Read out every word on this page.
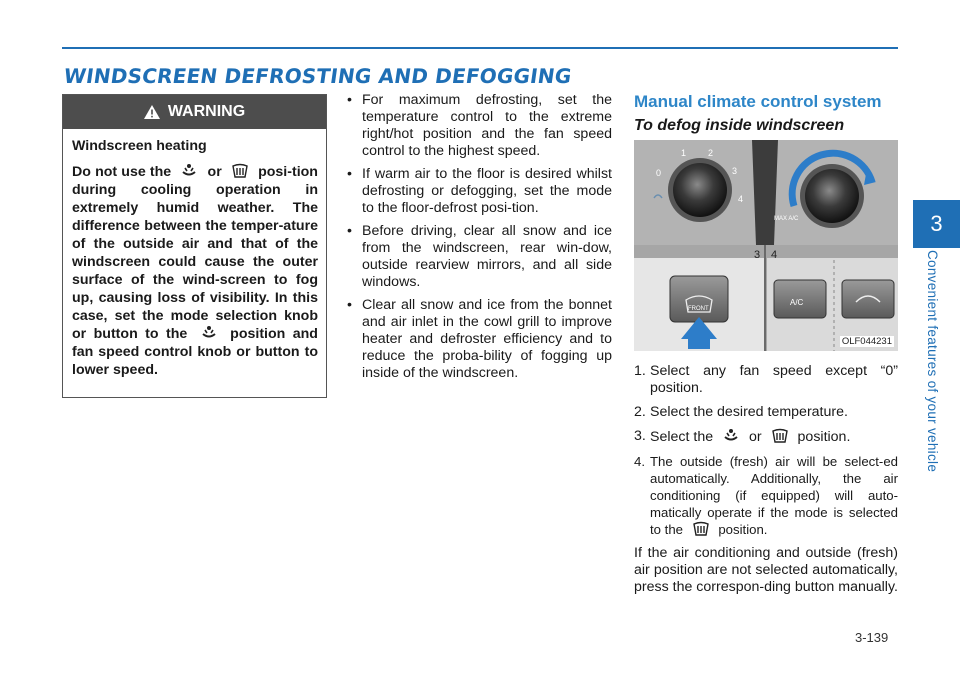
WINDSCREEN DEFROSTING AND DEFOGGING
3
Convenient features of your vehicle
WARNING

Windscreen heating

Do not use the	or	posi-tion during cooling operation in extremely humid weather. The difference between the temper-ature of the outside air and that of the windscreen could cause the outer surface of the wind-screen to fog up, causing loss of visibility. In this case, set the mode selection knob or button to the	position and fan speed control knob or button to lower speed.

• For maximum defrosting, set the temperature control to the extreme right/hot position and the fan speed control to the highest speed.
• If warm air to the floor is desired whilst defrosting or defogging, set the mode to the floor-defrost posi-tion.
• Before driving, clear all snow and ice from the windscreen, rear win-dow, outside rearview mirrors, and all side windows.
• Clear all snow and ice from the bonnet and air inlet in the cowl grill to improve heater and defroster efficiency and to reduce the proba-bility of fogging up inside of the windscreen.
Manual climate control system
To defog inside windscreen
0
1 2
3
4
MAX A/C
3 4
FRONT
A/C
OLF044231
1. Select any fan speed except “0” position.
2. Select the desired temperature.
3. Select the	or	position.
4. The outside (fresh) air will be select-ed automatically. Additionally, the air conditioning (if equipped) will auto-matically operate if the mode is selected to the	position.

If the air conditioning and outside (fresh) air position are not selected automatically, press the correspon-ding button manually.

3-139
